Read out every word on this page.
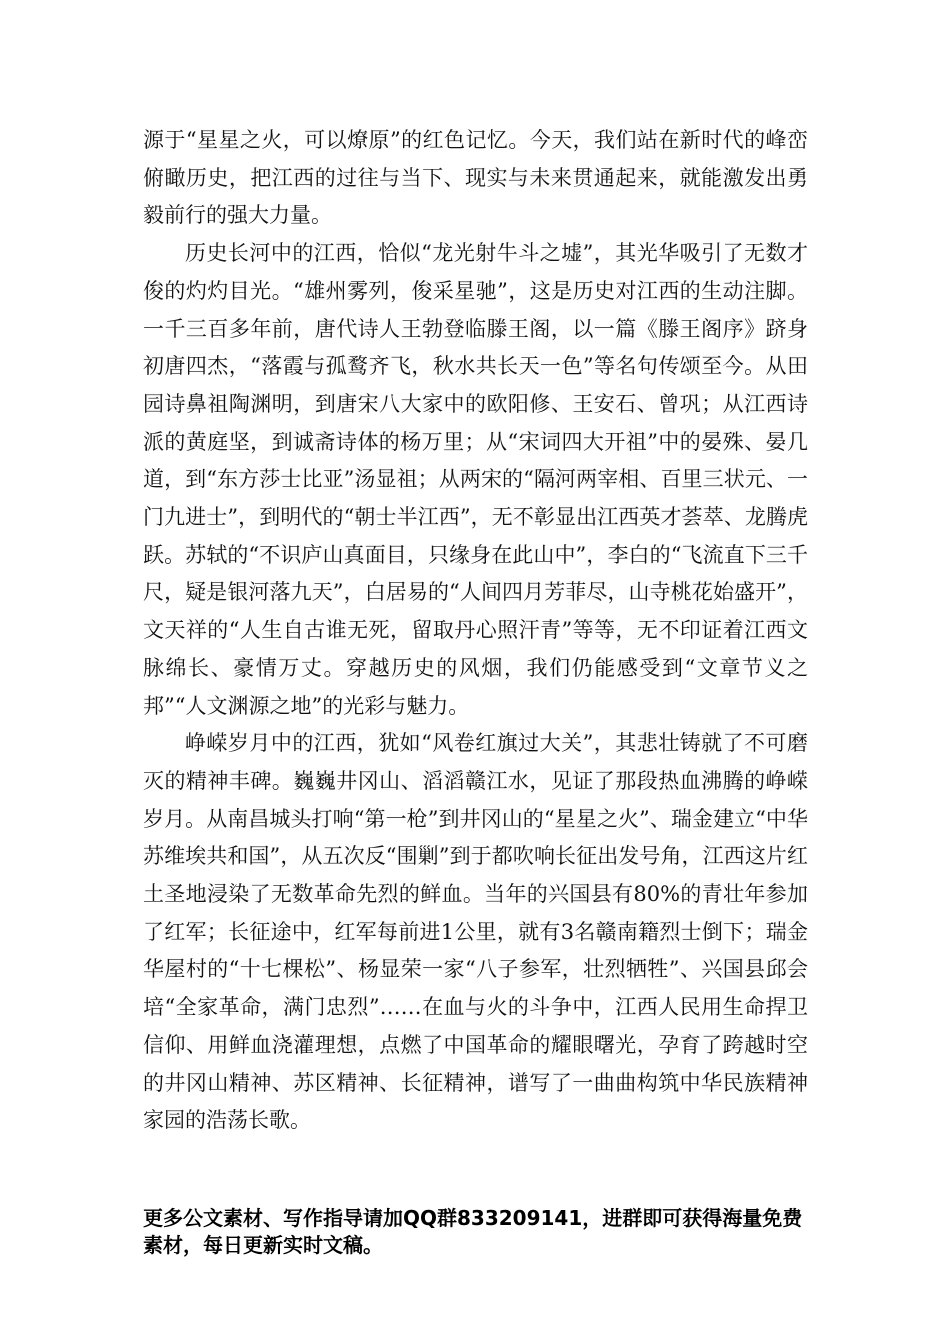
源于“星星之火，可以燎原”的红色记忆。今天，我们站在新时代的峰峦俯瞰历史，把江西的过往与当下、现实与未来贯通起来，就能激发出勇毅前行的强大力量。

历史长河中的江西，恰似“龙光射牛斗之墟”，其光华吸引了无数才俊的灼灼目光。“雄州雾列，俊采星驰”，这是历史对江西的生动注脚。一千三百多年前，唐代诗人王勃登临滕王阁，以一篇《滕王阁序》跻身初唐四杰，“落霞与孤鹜齐飞，秋水共长天一色”等名句传颂至今。从田园诗鼻祖陶渊明，到唐宋八大家中的欧阳修、王安石、曾巩；从江西诗派的黄庭坚，到诚斋诗体的杨万里；从“宋词四大开祖”中的晏殊、晏几道，到“东方莎士比亚”汤显祖；从两宋的“隔河两宰相、百里三状元、一门九进士”，到明代的“朝士半江西”，无不彰显出江西英才荟萃、龙腾虎跃。苏轼的“不识庐山真面目，只缘身在此山中”，李白的“飞流直下三千尺，疑是银河落九天”，白居易的“人间四月芳菲尽，山寺桃花始盛开”，文天祥的“人生自古谁无死，留取丹心照汗青”等等，无不印证着江西文脉绵长、豪情万丈。穿越历史的风烟，我们仍能感受到“文章节义之邦”“人文渊源之地”的光彩与魅力。

峥嵘岁月中的江西，犹如“风卷红旗过大关”，其悲壮铸就了不可磨灭的精神丰碑。巍巍井冈山、滔滔赣江水，见证了那段热血沸腾的峥嵘岁月。从南昌城头打响“第一枪”到井冈山的“星星之火”、瑞金建立“中华苏维埃共和国”，从五次反“围剿”到于都吹响长征出发号角，江西这片红土圣地浸染了无数革命先烈的鲜血。当年的兴国县有80%的青壮年参加了红军；长征途中，红军每前进1公里，就有3名赣南籍烈士倒下；瑞金华屋村的“十七棵松”、杨显荣一家“八子参军，壮烈牺牲”、兴国县邱会培“全家革命，满门忠烈”……在血与火的斗争中，江西人民用生命捍卫信仰、用鲜血浇灌理想，点燃了中国革命的耀眼曙光，孕育了跨越时空的井冈山精神、苏区精神、长征精神，谱写了一曲曲构筑中华民族精神家园的浩荡长歌。

更多公文素材、写作指导请加QQ群833209141，进群即可获得海量免费素材，每日更新实时文稿。
